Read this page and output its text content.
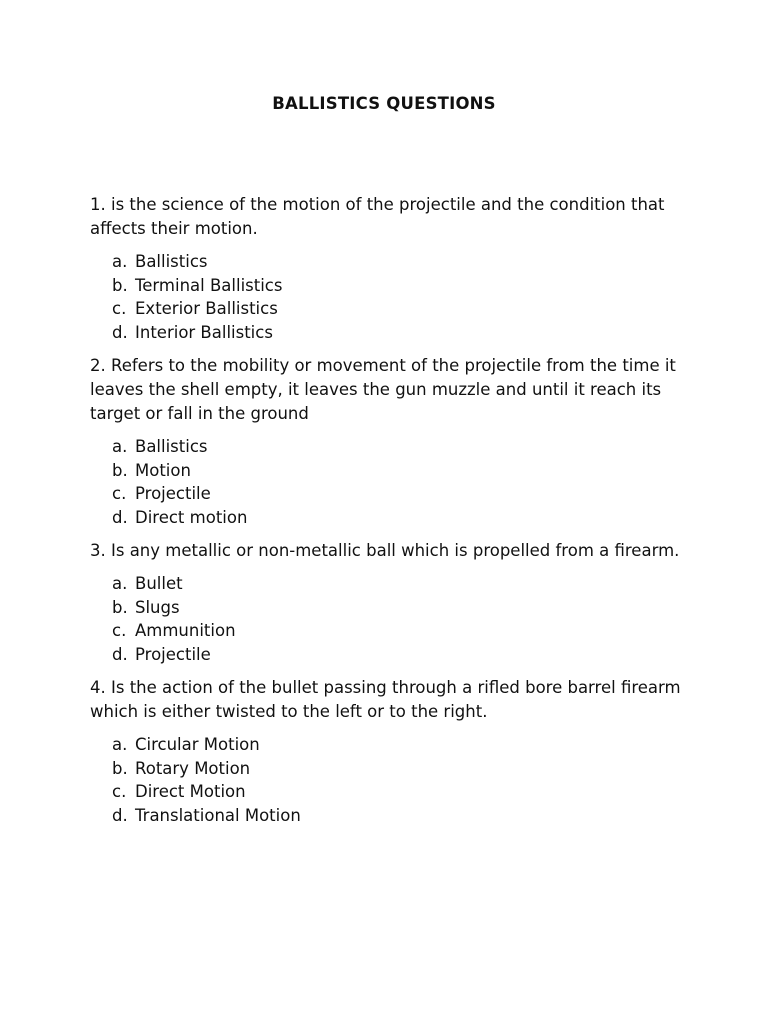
BALLISTICS QUESTIONS

1. is the science of the motion of the projectile and the condition that affects their motion.

a. Ballistics
b. Terminal Ballistics
c. Exterior Ballistics
d. Interior Ballistics

2. Refers to the mobility or movement of the projectile from the time it leaves the shell empty, it leaves the gun muzzle and until it reach its target or fall in the ground

a. Ballistics
b. Motion
c. Projectile
d. Direct motion

3. Is any metallic or non-metallic ball which is propelled from a firearm.

a. Bullet
b. Slugs
c. Ammunition
d. Projectile

4. Is the action of the bullet passing through a rifled bore barrel firearm which is either twisted to the left or to the right.

a. Circular Motion
b. Rotary Motion
c. Direct Motion
d. Translational Motion
